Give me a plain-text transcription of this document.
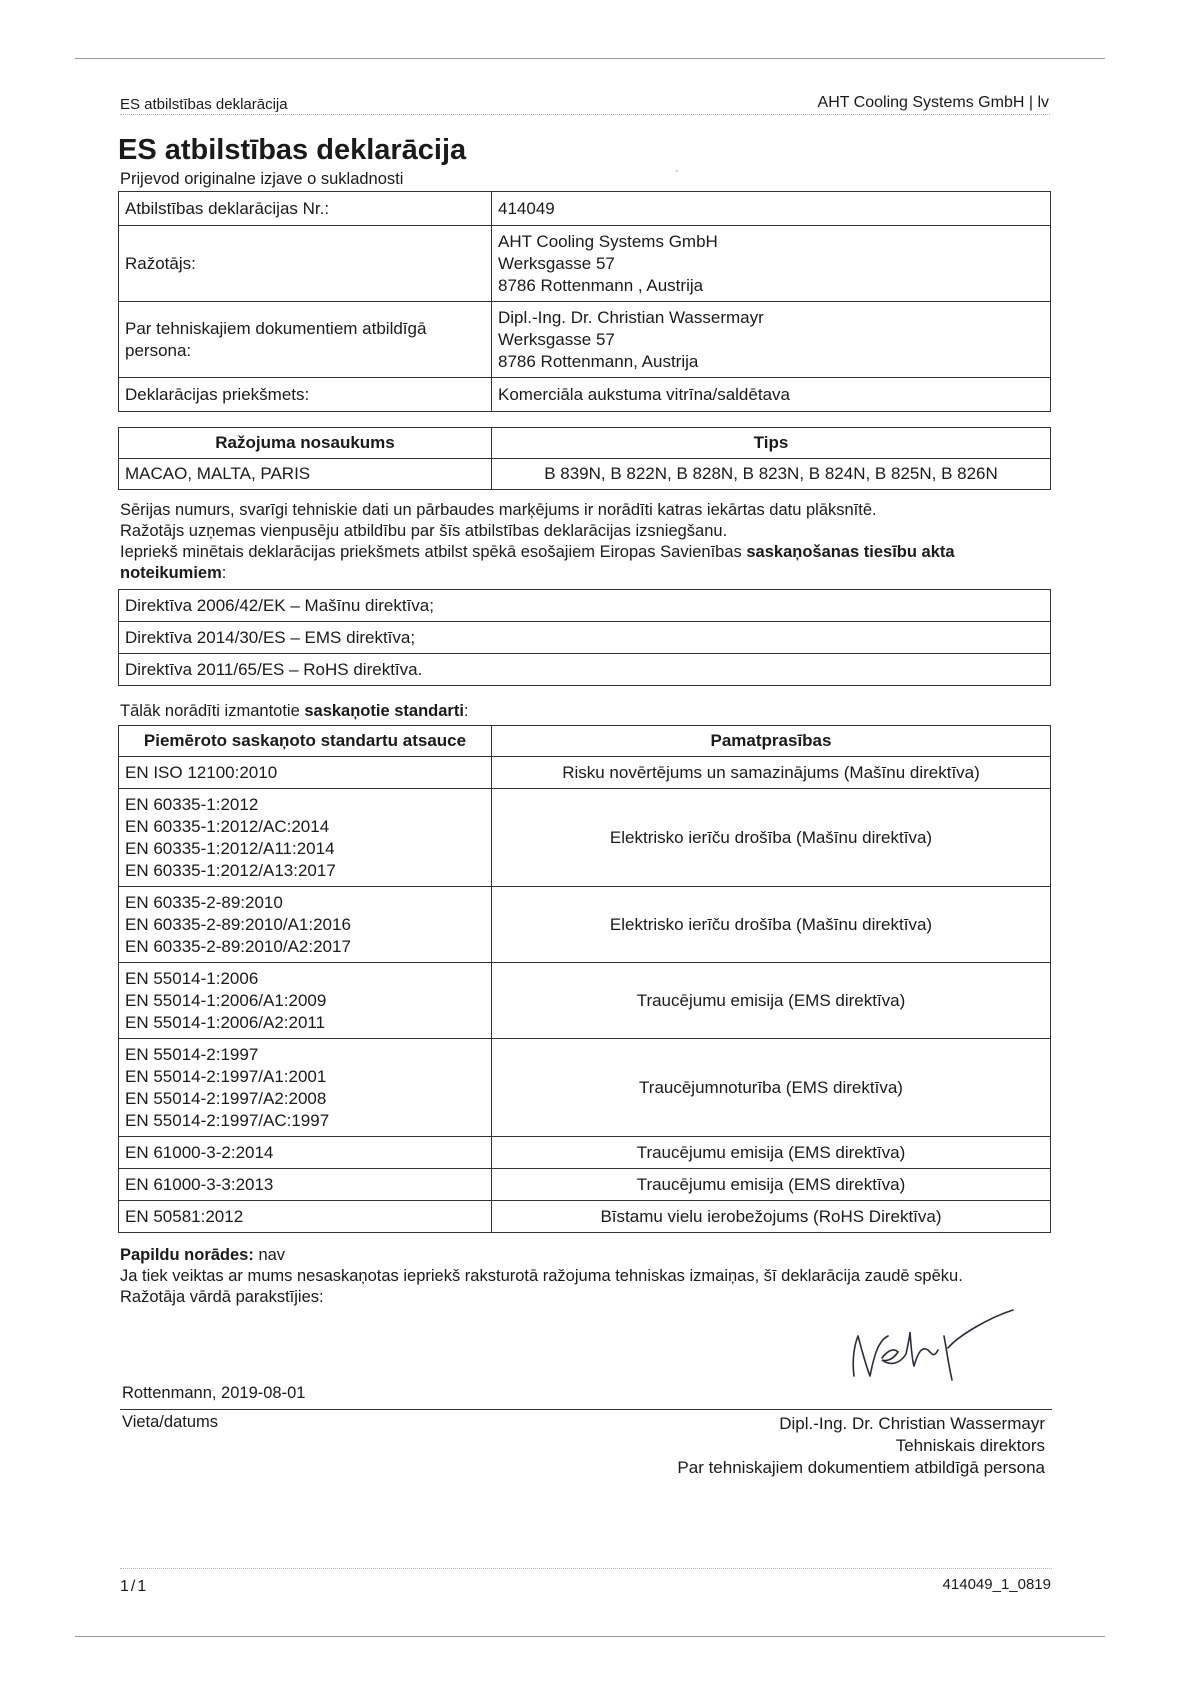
ES atbilstības deklarācija	AHT Cooling Systems GmbH | lv
ES atbilstības deklarācija
Prijevod originalne izjave o sukladnosti	´
Atbilstības deklarācijas Nr.:	414049
Ražotājs:	AHT Cooling Systems GmbH
Werksgasse 57
8786 Rottenmann , Austrija
Par tehniskajiem dokumentiem atbildīgā persona:	Dipl.-Ing. Dr. Christian Wassermayr
Werksgasse 57
8786 Rottenmann, Austrija
Deklarācijas priekšmets:	Komerciāla aukstuma vitrīna/saldētava
Ražojuma nosaukums	Tips
MACAO, MALTA, PARIS	B 839N, B 822N, B 828N, B 823N, B 824N, B 825N, B 826N
Sērijas numurs, svarīgi tehniskie dati un pārbaudes marķējums ir norādīti katras iekārtas datu plāksnītē.
Ražotājs uzņemas vienpusēju atbildību par šīs atbilstības deklarācijas izsniegšanu.
Iepriekš minētais deklarācijas priekšmets atbilst spēkā esošajiem Eiropas Savienības saskaņošanas tiesību akta noteikumiem:
Direktīva 2006/42/EK – Mašīnu direktīva;
Direktīva 2014/30/ES – EMS direktīva;
Direktīva 2011/65/ES – RoHS direktīva.
Tālāk norādīti izmantotie saskaņotie standarti:
Piemēroto saskaņoto standartu atsauce	Pamatprasības
EN ISO 12100:2010	Risku novērtējums un samazinājums (Mašīnu direktīva)
EN 60335-1:2012
EN 60335-1:2012/AC:2014
EN 60335-1:2012/A11:2014
EN 60335-1:2012/A13:2017	Elektrisko ierīču drošība (Mašīnu direktīva)
EN 60335-2-89:2010
EN 60335-2-89:2010/A1:2016
EN 60335-2-89:2010/A2:2017	Elektrisko ierīču drošība (Mašīnu direktīva)
EN 55014-1:2006
EN 55014-1:2006/A1:2009
EN 55014-1:2006/A2:2011	Traucējumu emisija (EMS direktīva)
EN 55014-2:1997
EN 55014-2:1997/A1:2001
EN 55014-2:1997/A2:2008
EN 55014-2:1997/AC:1997	Traucējumnoturība (EMS direktīva)
EN 61000-3-2:2014	Traucējumu emisija (EMS direktīva)
EN 61000-3-3:2013	Traucējumu emisija (EMS direktīva)
EN 50581:2012	Bīstamu vielu ierobežojums (RoHS Direktīva)
Papildu norādes: nav
Ja tiek veiktas ar mums nesaskaņotas iepriekš raksturotā ražojuma tehniskas izmaiņas, šī deklarācija zaudē spēku.
Ražotāja vārdā parakstījies:
Rottenmann, 2019-08-01
Vieta/datums	Dipl.-Ing. Dr. Christian Wassermayr
Tehniskais direktors
Par tehniskajiem dokumentiem atbildīgā persona
1/1	414049_1_0819
